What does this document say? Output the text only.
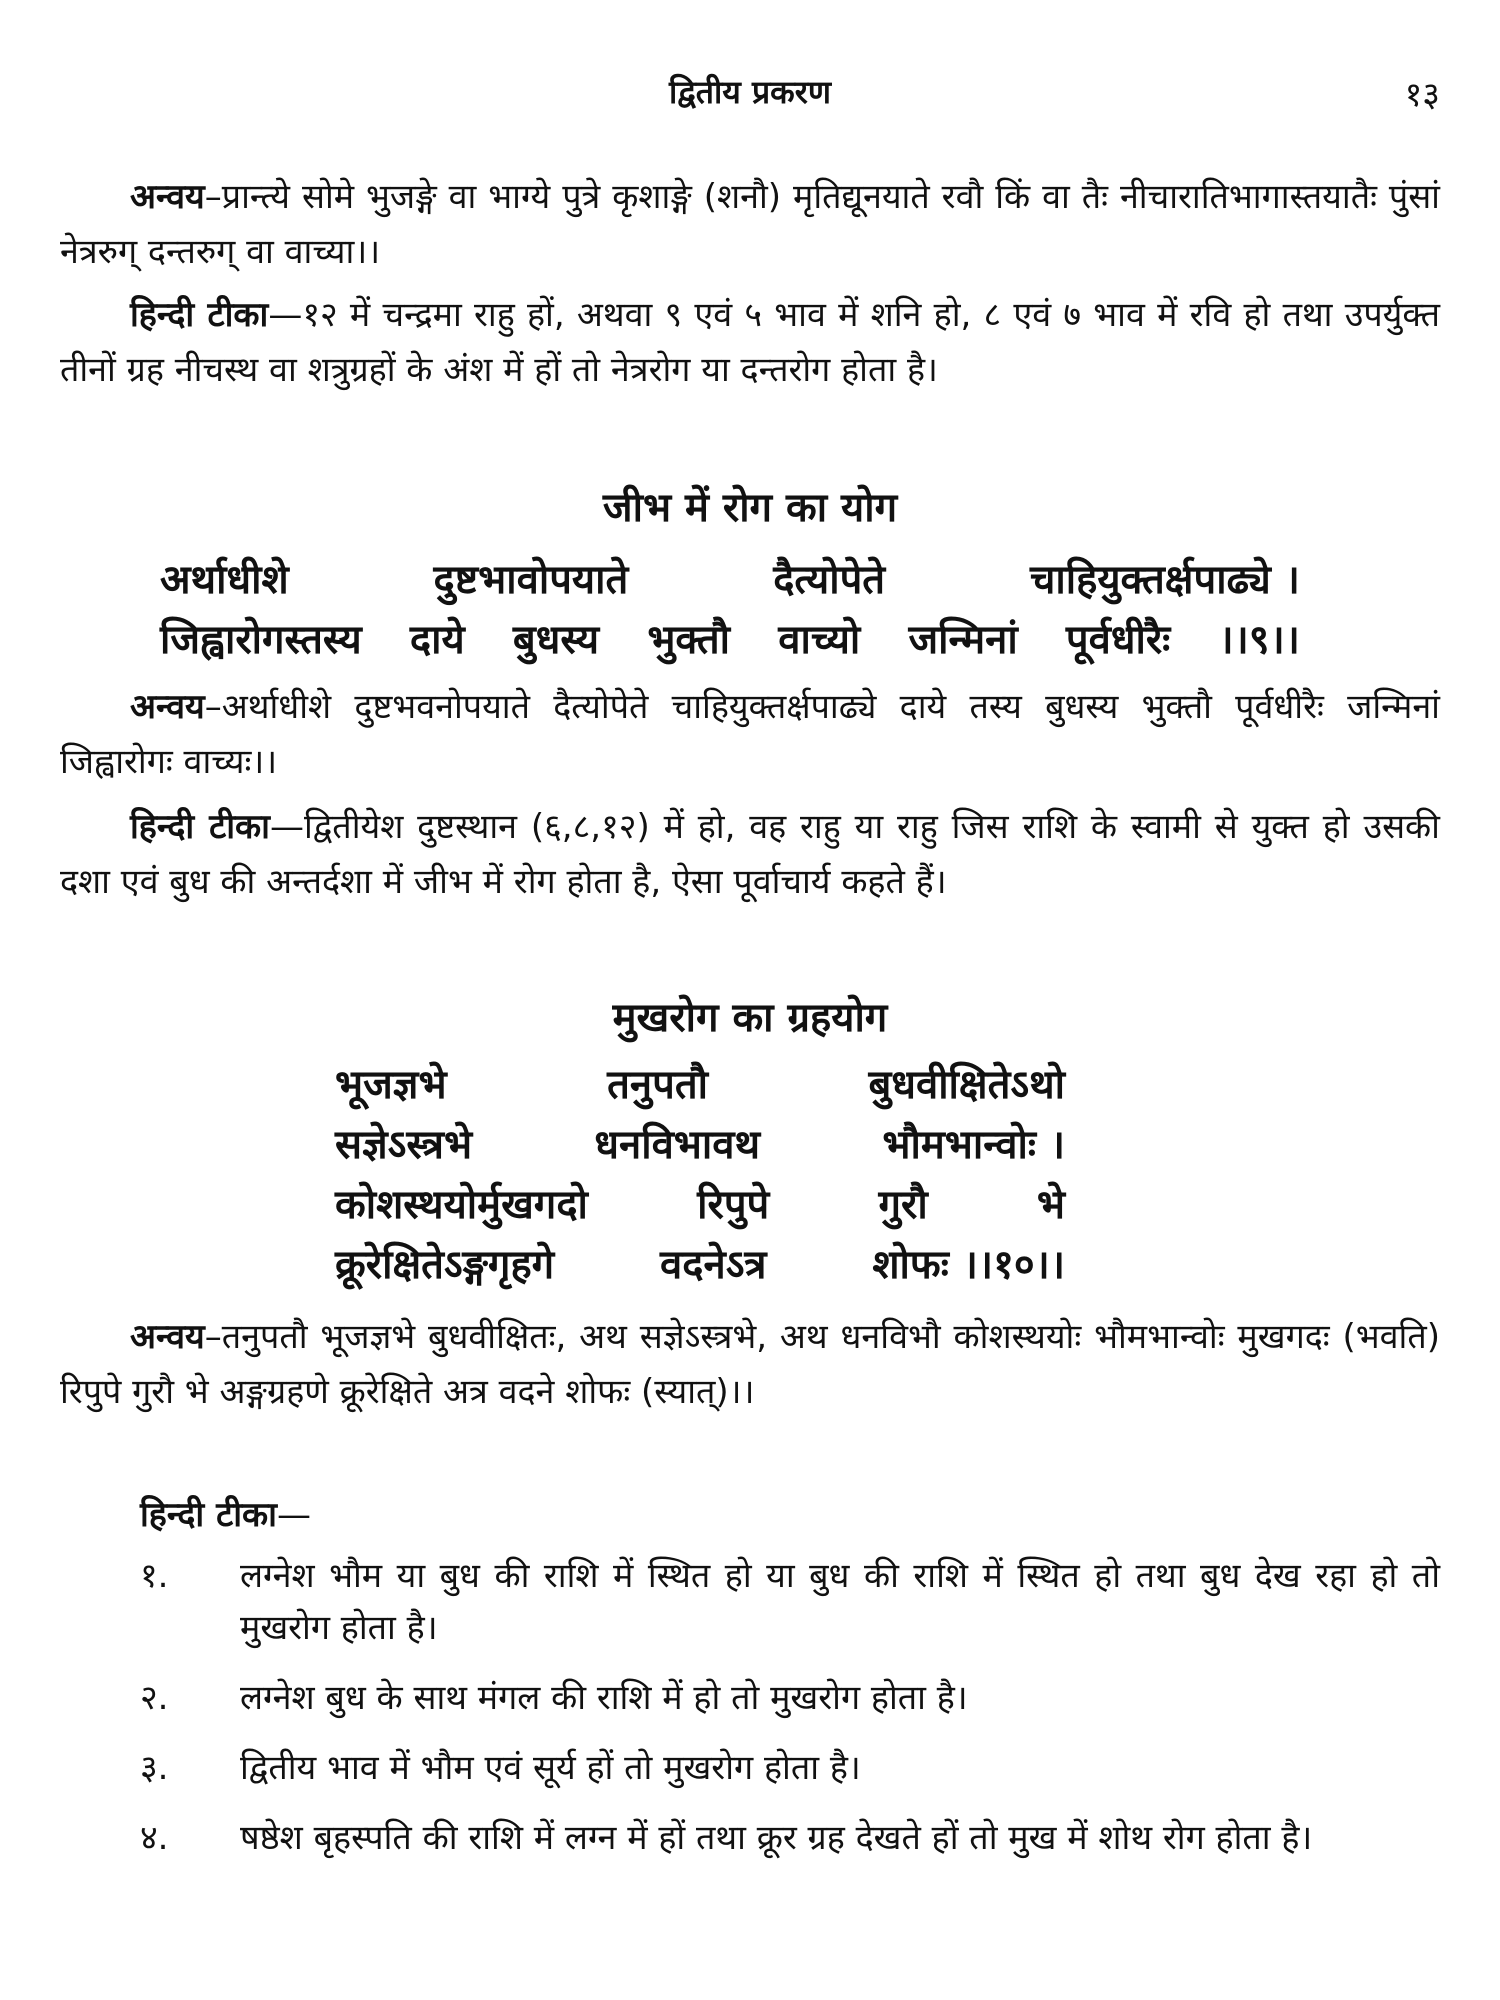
द्वितीय प्रकरण	१३
अन्वय–प्रान्त्ये सोमे भुजङ्गे वा भाग्ये पुत्रे कृशाङ्गे (शनौ) मृतिद्यूनयाते रवौ किं वा तैः नीचारातिभागास्तयातैः पुंसां नेत्ररुग् दन्तरुग् वा वाच्या।।
हिन्दी टीका—१२ में चन्द्रमा राहु हों, अथवा ९ एवं ५ भाव में शनि हो, ८ एवं ७ भाव में रवि हो तथा उपर्युक्त तीनों ग्रह नीचस्थ वा शत्रुग्रहों के अंश में हों तो नेत्ररोग या दन्तरोग होता है।
जीभ में रोग का योग
अर्थाधीशे	दुष्टभावोपयाते	दैत्योपेते	चाहियुक्तर्क्षपाढ्ये ।
जिह्वारोगस्तस्य दाये बुधस्य भुक्तौ वाच्यो जन्मिनां पूर्वधीरैः ।।९।।
अन्वय–अर्थाधीशे दुष्टभवनोपयाते दैत्योपेते चाहियुक्तर्क्षपाढ्ये दाये तस्य बुधस्य भुक्तौ पूर्वधीरैः जन्मिनां जिह्वारोगः वाच्यः।।
हिन्दी टीका—द्वितीयेश दुष्टस्थान (६,८,१२) में हो, वह राहु या राहु जिस राशि के स्वामी से युक्त हो उसकी दशा एवं बुध की अन्तर्दशा में जीभ में रोग होता है, ऐसा पूर्वाचार्य कहते हैं।
मुखरोग का ग्रहयोग
भूजज्ञभे	तनुपतौ	बुधवीक्षितेऽथो
सज्ञेऽस्त्रभे	धनविभावथ	भौमभान्वोः ।
कोशस्थयोर्मुखगदो	रिपुपे	गुरौ	भे
क्रूरेक्षितेऽङ्गगृहगे	वदनेऽत्र	शोफः ।।१०।।
अन्वय–तनुपतौ भूजज्ञभे बुधवीक्षितः, अथ सज्ञेऽस्त्रभे, अथ धनविभौ कोशस्थयोः भौमभान्वोः मुखगदः (भवति) रिपुपे गुरौ भे अङ्गग्रहणे क्रूरेक्षिते अत्र वदने शोफः (स्यात्)।।
हिन्दी टीका—
१.	लग्नेश भौम या बुध की राशि में स्थित हो या बुध की राशि में स्थित हो तथा बुध देख रहा हो तो मुखरोग होता है।
२.	लग्नेश बुध के साथ मंगल की राशि में हो तो मुखरोग होता है।
३.	द्वितीय भाव में भौम एवं सूर्य हों तो मुखरोग होता है।
४.	षष्ठेश बृहस्पति की राशि में लग्न में हों तथा क्रूर ग्रह देखते हों तो मुख में शोथ रोग होता है।
